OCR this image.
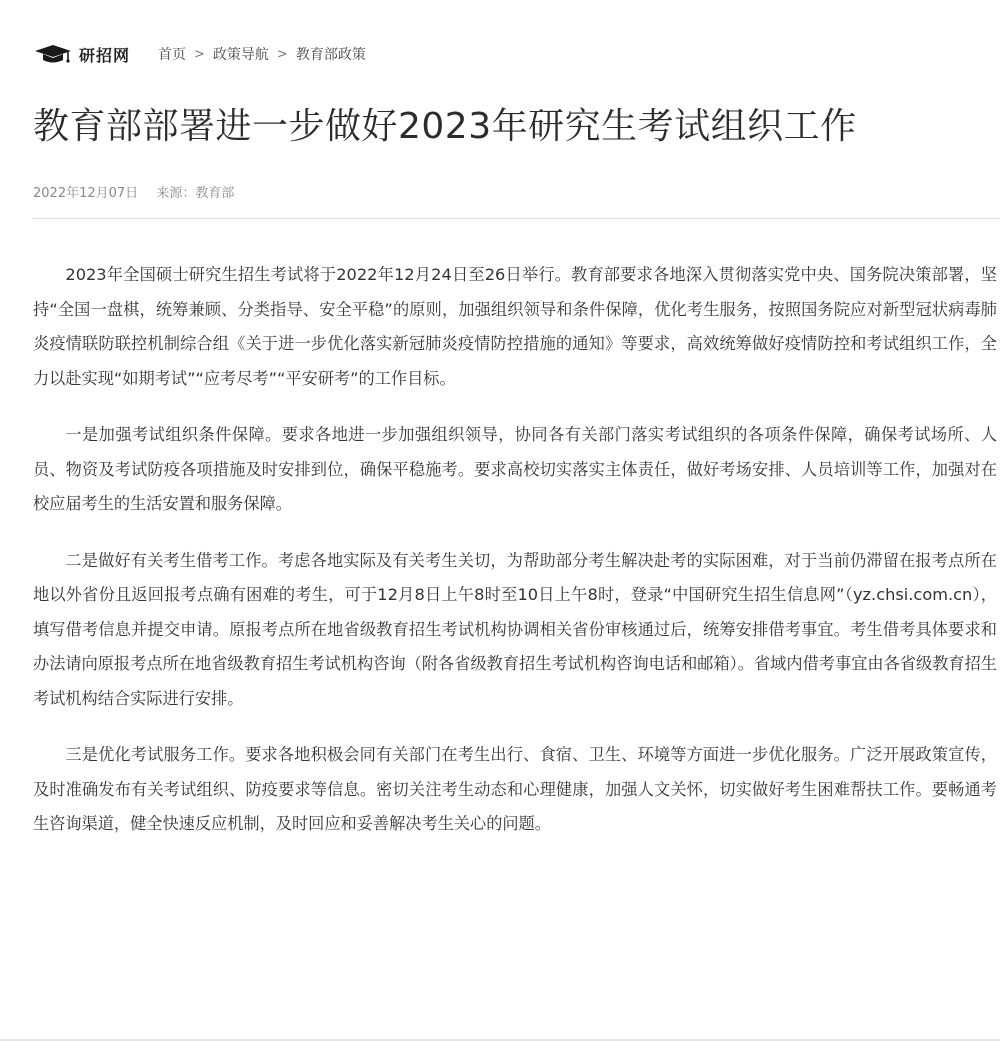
研招网 首页 > 政策导航 > 教育部政策
教育部部署进一步做好2023年研究生考试组织工作
2022年12月07日 来源：教育部

2023年全国硕士研究生招生考试将于2022年12月24日至26日举行。教育部要求各地深入贯彻落实党中央、国务院决策部署，坚持“全国一盘棋，统筹兼顾、分类指导、安全平稳”的原则，加强组织领导和条件保障，优化考生服务，按照国务院应对新型冠状病毒肺炎疫情联防联控机制综合组《关于进一步优化落实新冠肺炎疫情防控措施的通知》等要求，高效统筹做好疫情防控和考试组织工作，全力以赴实现“如期考试”“应考尽考”“平安研考”的工作目标。

一是加强考试组织条件保障。要求各地进一步加强组织领导，协同各有关部门落实考试组织的各项条件保障，确保考试场所、人员、物资及考试防疫各项措施及时安排到位，确保平稳施考。要求高校切实落实主体责任，做好考场安排、人员培训等工作，加强对在校应届考生的生活安置和服务保障。

二是做好有关考生借考工作。考虑各地实际及有关考生关切，为帮助部分考生解决赴考的实际困难，对于当前仍滞留在报考点所在地以外省份且返回报考点确有困难的考生，可于12月8日上午8时至10日上午8时，登录“中国研究生招生信息网”（yz.chsi.com.cn），填写借考信息并提交申请。原报考点所在地省级教育招生考试机构协调相关省份审核通过后，统筹安排借考事宜。考生借考具体要求和办法请向原报考点所在地省级教育招生考试机构咨询（附各省级教育招生考试机构咨询电话和邮箱）。省域内借考事宜由各省级教育招生考试机构结合实际进行安排。

三是优化考试服务工作。要求各地积极会同有关部门在考生出行、食宿、卫生、环境等方面进一步优化服务。广泛开展政策宣传，及时准确发布有关考试组织、防疫要求等信息。密切关注考生动态和心理健康，加强人文关怀，切实做好考生困难帮扶工作。要畅通考生咨询渠道，健全快速反应机制，及时回应和妥善解决考生关心的问题。
